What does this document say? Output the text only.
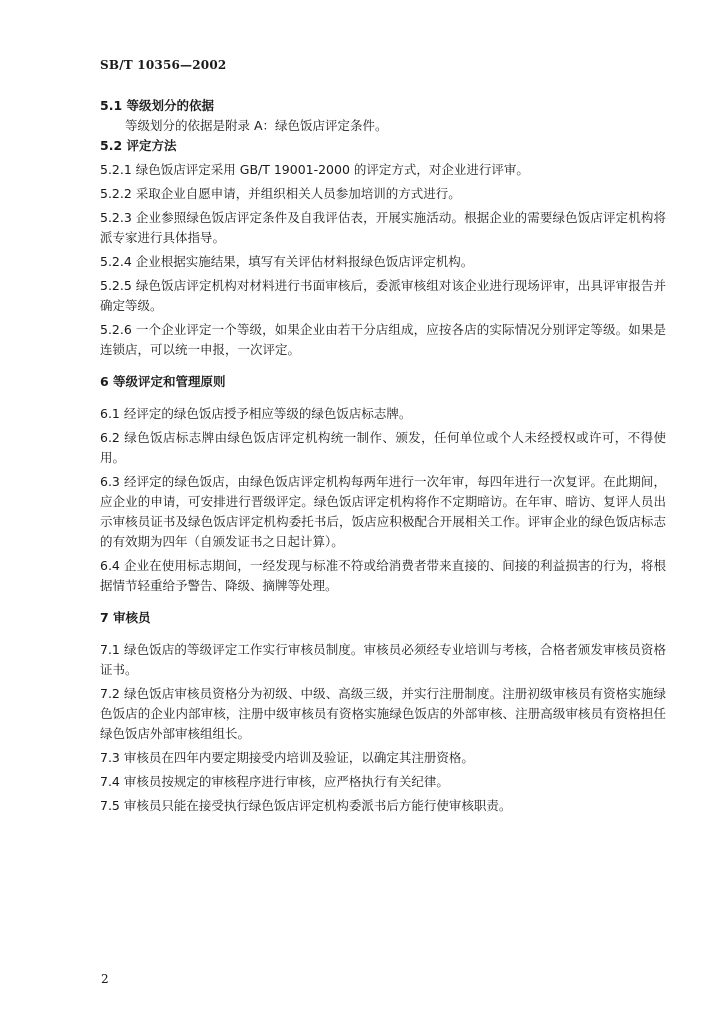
SB/T 10356—2002

5.1 等级划分的依据

等级划分的依据是附录 A：绿色饭店评定条件。

5.2 评定方法

5.2.1 绿色饭店评定采用 GB/T 19001-2000 的评定方式，对企业进行评审。

5.2.2 采取企业自愿申请，并组织相关人员参加培训的方式进行。

5.2.3 企业参照绿色饭店评定条件及自我评估表，开展实施活动。根据企业的需要绿色饭店评定机构将派专家进行具体指导。

5.2.4 企业根据实施结果，填写有关评估材料报绿色饭店评定机构。

5.2.5 绿色饭店评定机构对材料进行书面审核后，委派审核组对该企业进行现场评审，出具评审报告并确定等级。

5.2.6 一个企业评定一个等级，如果企业由若干分店组成，应按各店的实际情况分别评定等级。如果是连锁店，可以统一申报，一次评定。

6 等级评定和管理原则

6.1 经评定的绿色饭店授予相应等级的绿色饭店标志牌。

6.2 绿色饭店标志牌由绿色饭店评定机构统一制作、颁发，任何单位或个人未经授权或许可，不得使用。

6.3 经评定的绿色饭店，由绿色饭店评定机构每两年进行一次年审，每四年进行一次复评。在此期间，应企业的申请，可安排进行晋级评定。绿色饭店评定机构将作不定期暗访。在年审、暗访、复评人员出示审核员证书及绿色饭店评定机构委托书后，饭店应积极配合开展相关工作。评审企业的绿色饭店标志的有效期为四年（自颁发证书之日起计算）。

6.4 企业在使用标志期间，一经发现与标准不符或给消费者带来直接的、间接的利益损害的行为，将根据情节轻重给予警告、降级、摘牌等处理。

7 审核员

7.1 绿色饭店的等级评定工作实行审核员制度。审核员必须经专业培训与考核，合格者颁发审核员资格证书。

7.2 绿色饭店审核员资格分为初级、中级、高级三级，并实行注册制度。注册初级审核员有资格实施绿色饭店的企业内部审核，注册中级审核员有资格实施绿色饭店的外部审核、注册高级审核员有资格担任绿色饭店外部审核组组长。

7.3 审核员在四年内要定期接受内培训及验证，以确定其注册资格。

7.4 审核员按规定的审核程序进行审核，应严格执行有关纪律。

7.5 审核员只能在接受执行绿色饭店评定机构委派书后方能行使审核职责。

2
